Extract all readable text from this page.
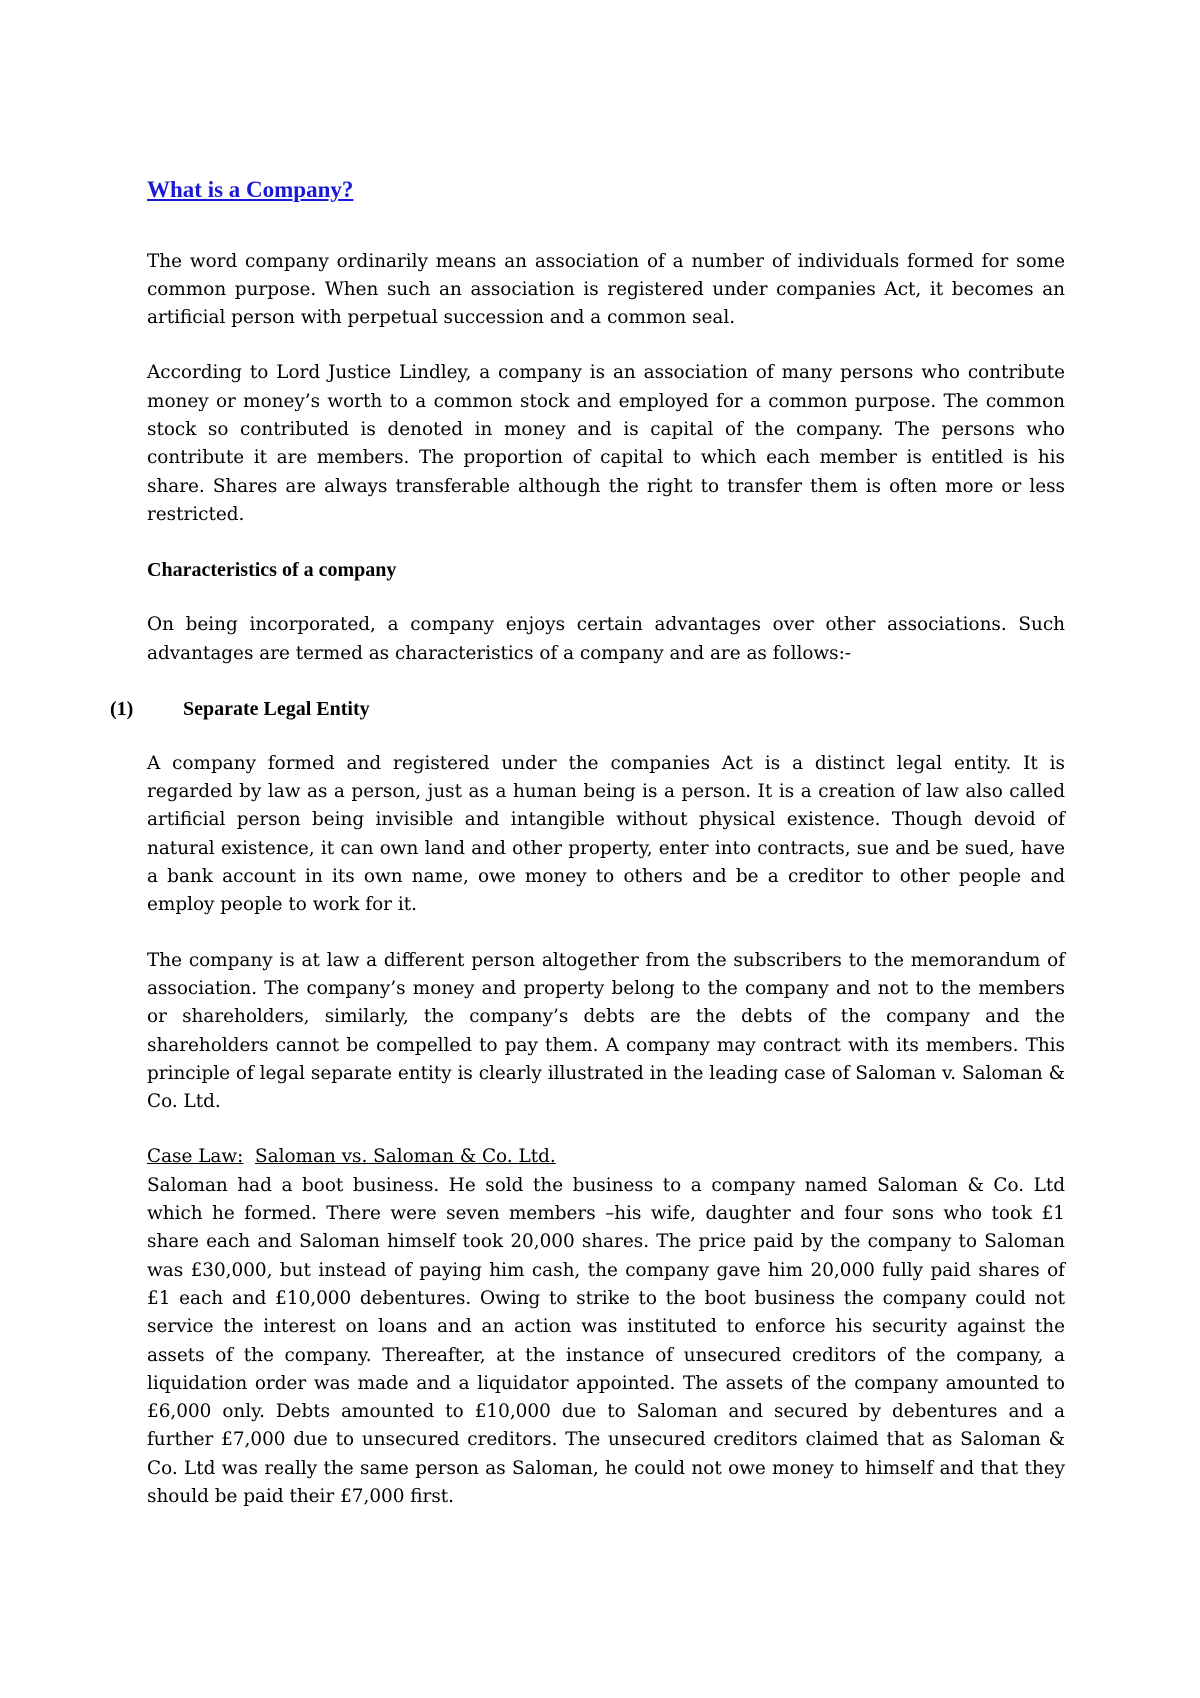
What is a Company?

The word company ordinarily means an association of a number of individuals formed for some common purpose. When such an association is registered under companies Act, it becomes an artificial person with perpetual succession and a common seal.

According to Lord Justice Lindley, a company is an association of many persons who contribute money or money’s worth to a common stock and employed for a common purpose. The common stock so contributed is denoted in money and is capital of the company. The persons who contribute it are members. The proportion of capital to which each member is entitled is his share. Shares are always transferable although the right to transfer them is often more or less restricted.

Characteristics of a company

On being incorporated, a company enjoys certain advantages over other associations. Such advantages are termed as characteristics of a company and are as follows:-

(1) Separate Legal Entity

A company formed and registered under the companies Act is a distinct legal entity. It is regarded by law as a person, just as a human being is a person. It is a creation of law also called artificial person being invisible and intangible without physical existence. Though devoid of natural existence, it can own land and other property, enter into contracts, sue and be sued, have a bank account in its own name, owe money to others and be a creditor to other people and employ people to work for it.

The company is at law a different person altogether from the subscribers to the memorandum of association. The company’s money and property belong to the company and not to the members or shareholders, similarly, the company’s debts are the debts of the company and the shareholders cannot be compelled to pay them. A company may contract with its members. This principle of legal separate entity is clearly illustrated in the leading case of Saloman v. Saloman & Co. Ltd.

Case Law: Saloman vs. Saloman & Co. Ltd.

Saloman had a boot business. He sold the business to a company named Saloman & Co. Ltd which he formed. There were seven members –his wife, daughter and four sons who took £1 share each and Saloman himself took 20,000 shares. The price paid by the company to Saloman was £30,000, but instead of paying him cash, the company gave him 20,000 fully paid shares of £1 each and £10,000 debentures. Owing to strike to the boot business the company could not service the interest on loans and an action was instituted to enforce his security against the assets of the company. Thereafter, at the instance of unsecured creditors of the company, a liquidation order was made and a liquidator appointed. The assets of the company amounted to £6,000 only. Debts amounted to £10,000 due to Saloman and secured by debentures and a further £7,000 due to unsecured creditors. The unsecured creditors claimed that as Saloman & Co. Ltd was really the same person as Saloman, he could not owe money to himself and that they should be paid their £7,000 first.
